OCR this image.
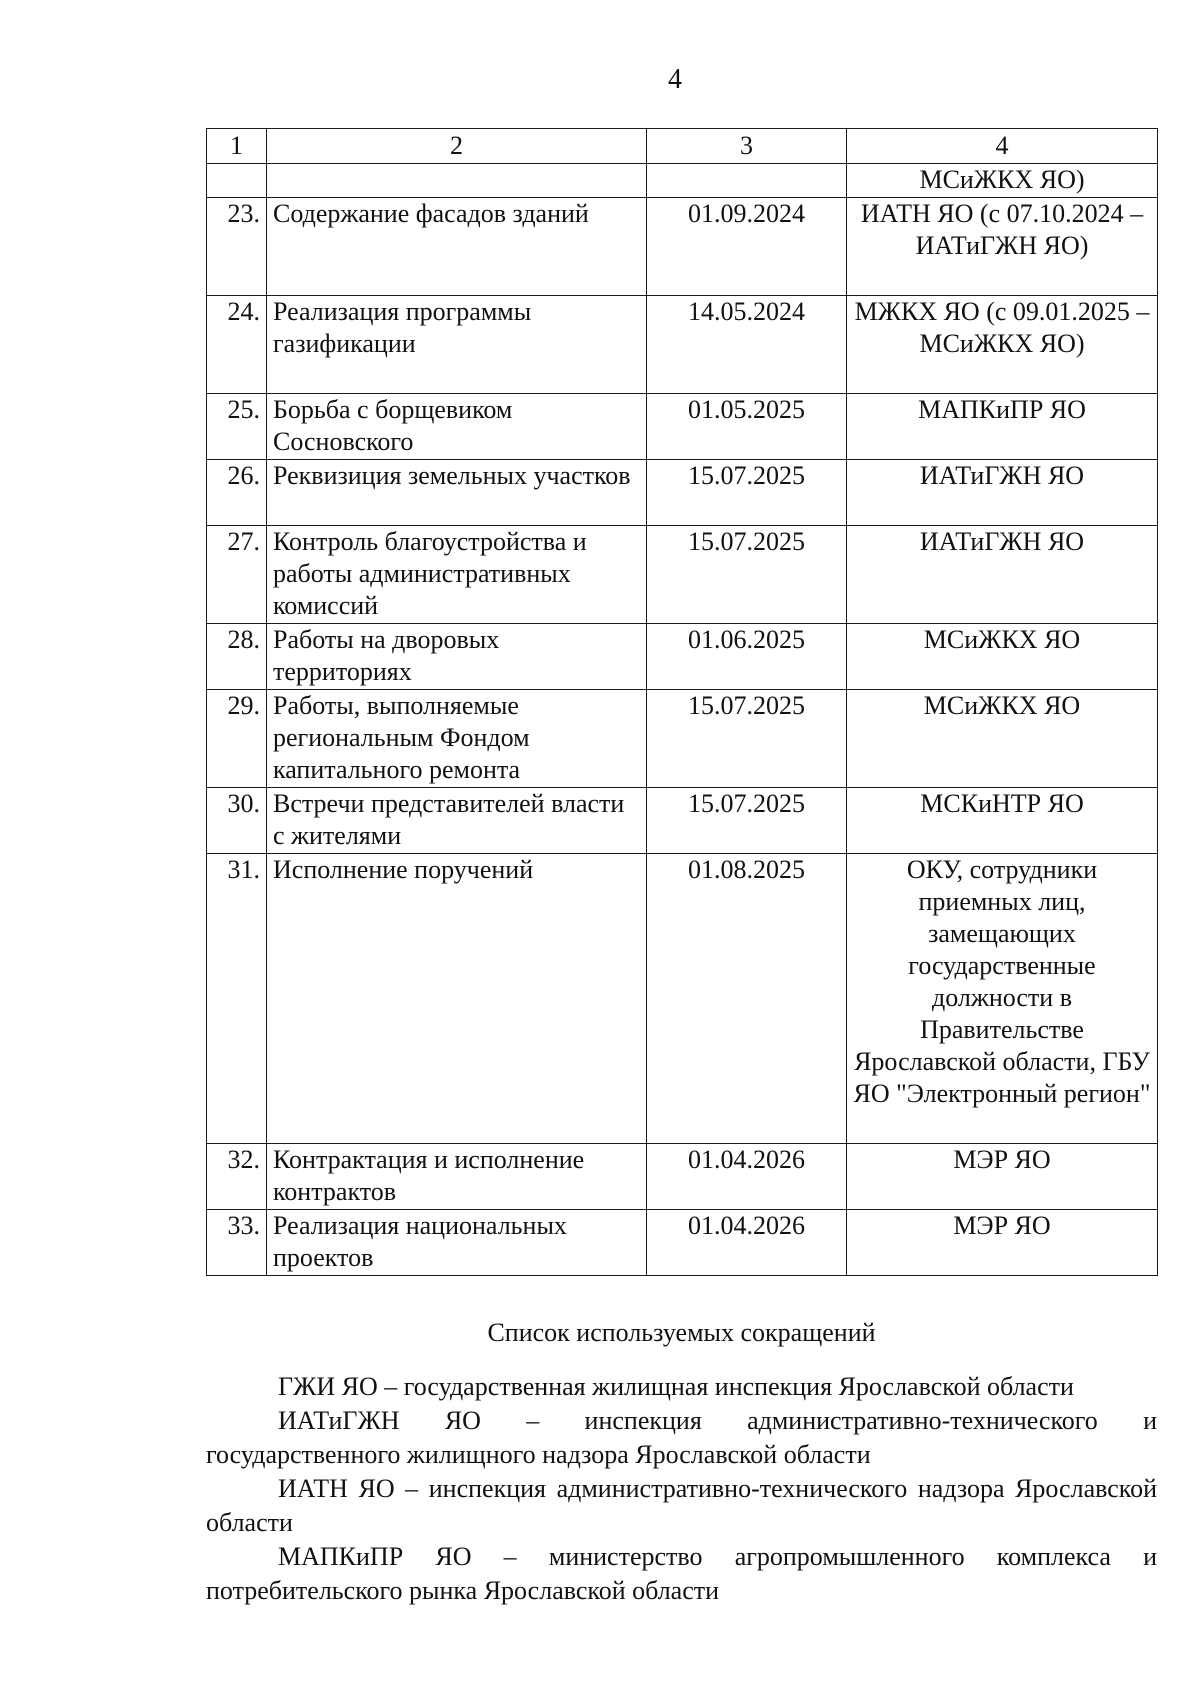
4
1	2	3	4
			МСиЖКХ ЯО)
23.	Содержание фасадов зданий	01.09.2024	ИАТН ЯО (с 07.10.2024 – ИАТиГЖН ЯО)
24.	Реализация программы газификации	14.05.2024	МЖКХ ЯО (с 09.01.2025 – МСиЖКХ ЯО)
25.	Борьба с борщевиком Сосновского	01.05.2025	МАПКиПР ЯО
26.	Реквизиция земельных участков	15.07.2025	ИАТиГЖН ЯО
27.	Контроль благоустройства и работы административных комиссий	15.07.2025	ИАТиГЖН ЯО
28.	Работы на дворовых территориях	01.06.2025	МСиЖКХ ЯО
29.	Работы, выполняемые региональным Фондом капитального ремонта	15.07.2025	МСиЖКХ ЯО
30.	Встречи представителей власти с жителями	15.07.2025	МСКиНТР ЯО
31.	Исполнение поручений	01.08.2025	ОКУ, сотрудники приемных лиц, замещающих государственные должности в Правительстве Ярославской области, ГБУ ЯО "Электронный регион"
32.	Контрактация и исполнение контрактов	01.04.2026	МЭР ЯО
33.	Реализация национальных проектов	01.04.2026	МЭР ЯО
Список используемых сокращений

ГЖИ ЯО – государственная жилищная инспекция Ярославской области

ИАТиГЖН ЯО – инспекция административно-технического и государственного жилищного надзора Ярославской области

ИАТН ЯО – инспекция административно-технического надзора Ярославской области

МАПКиПР ЯО – министерство агропромышленного комплекса и потребительского рынка Ярославской области
